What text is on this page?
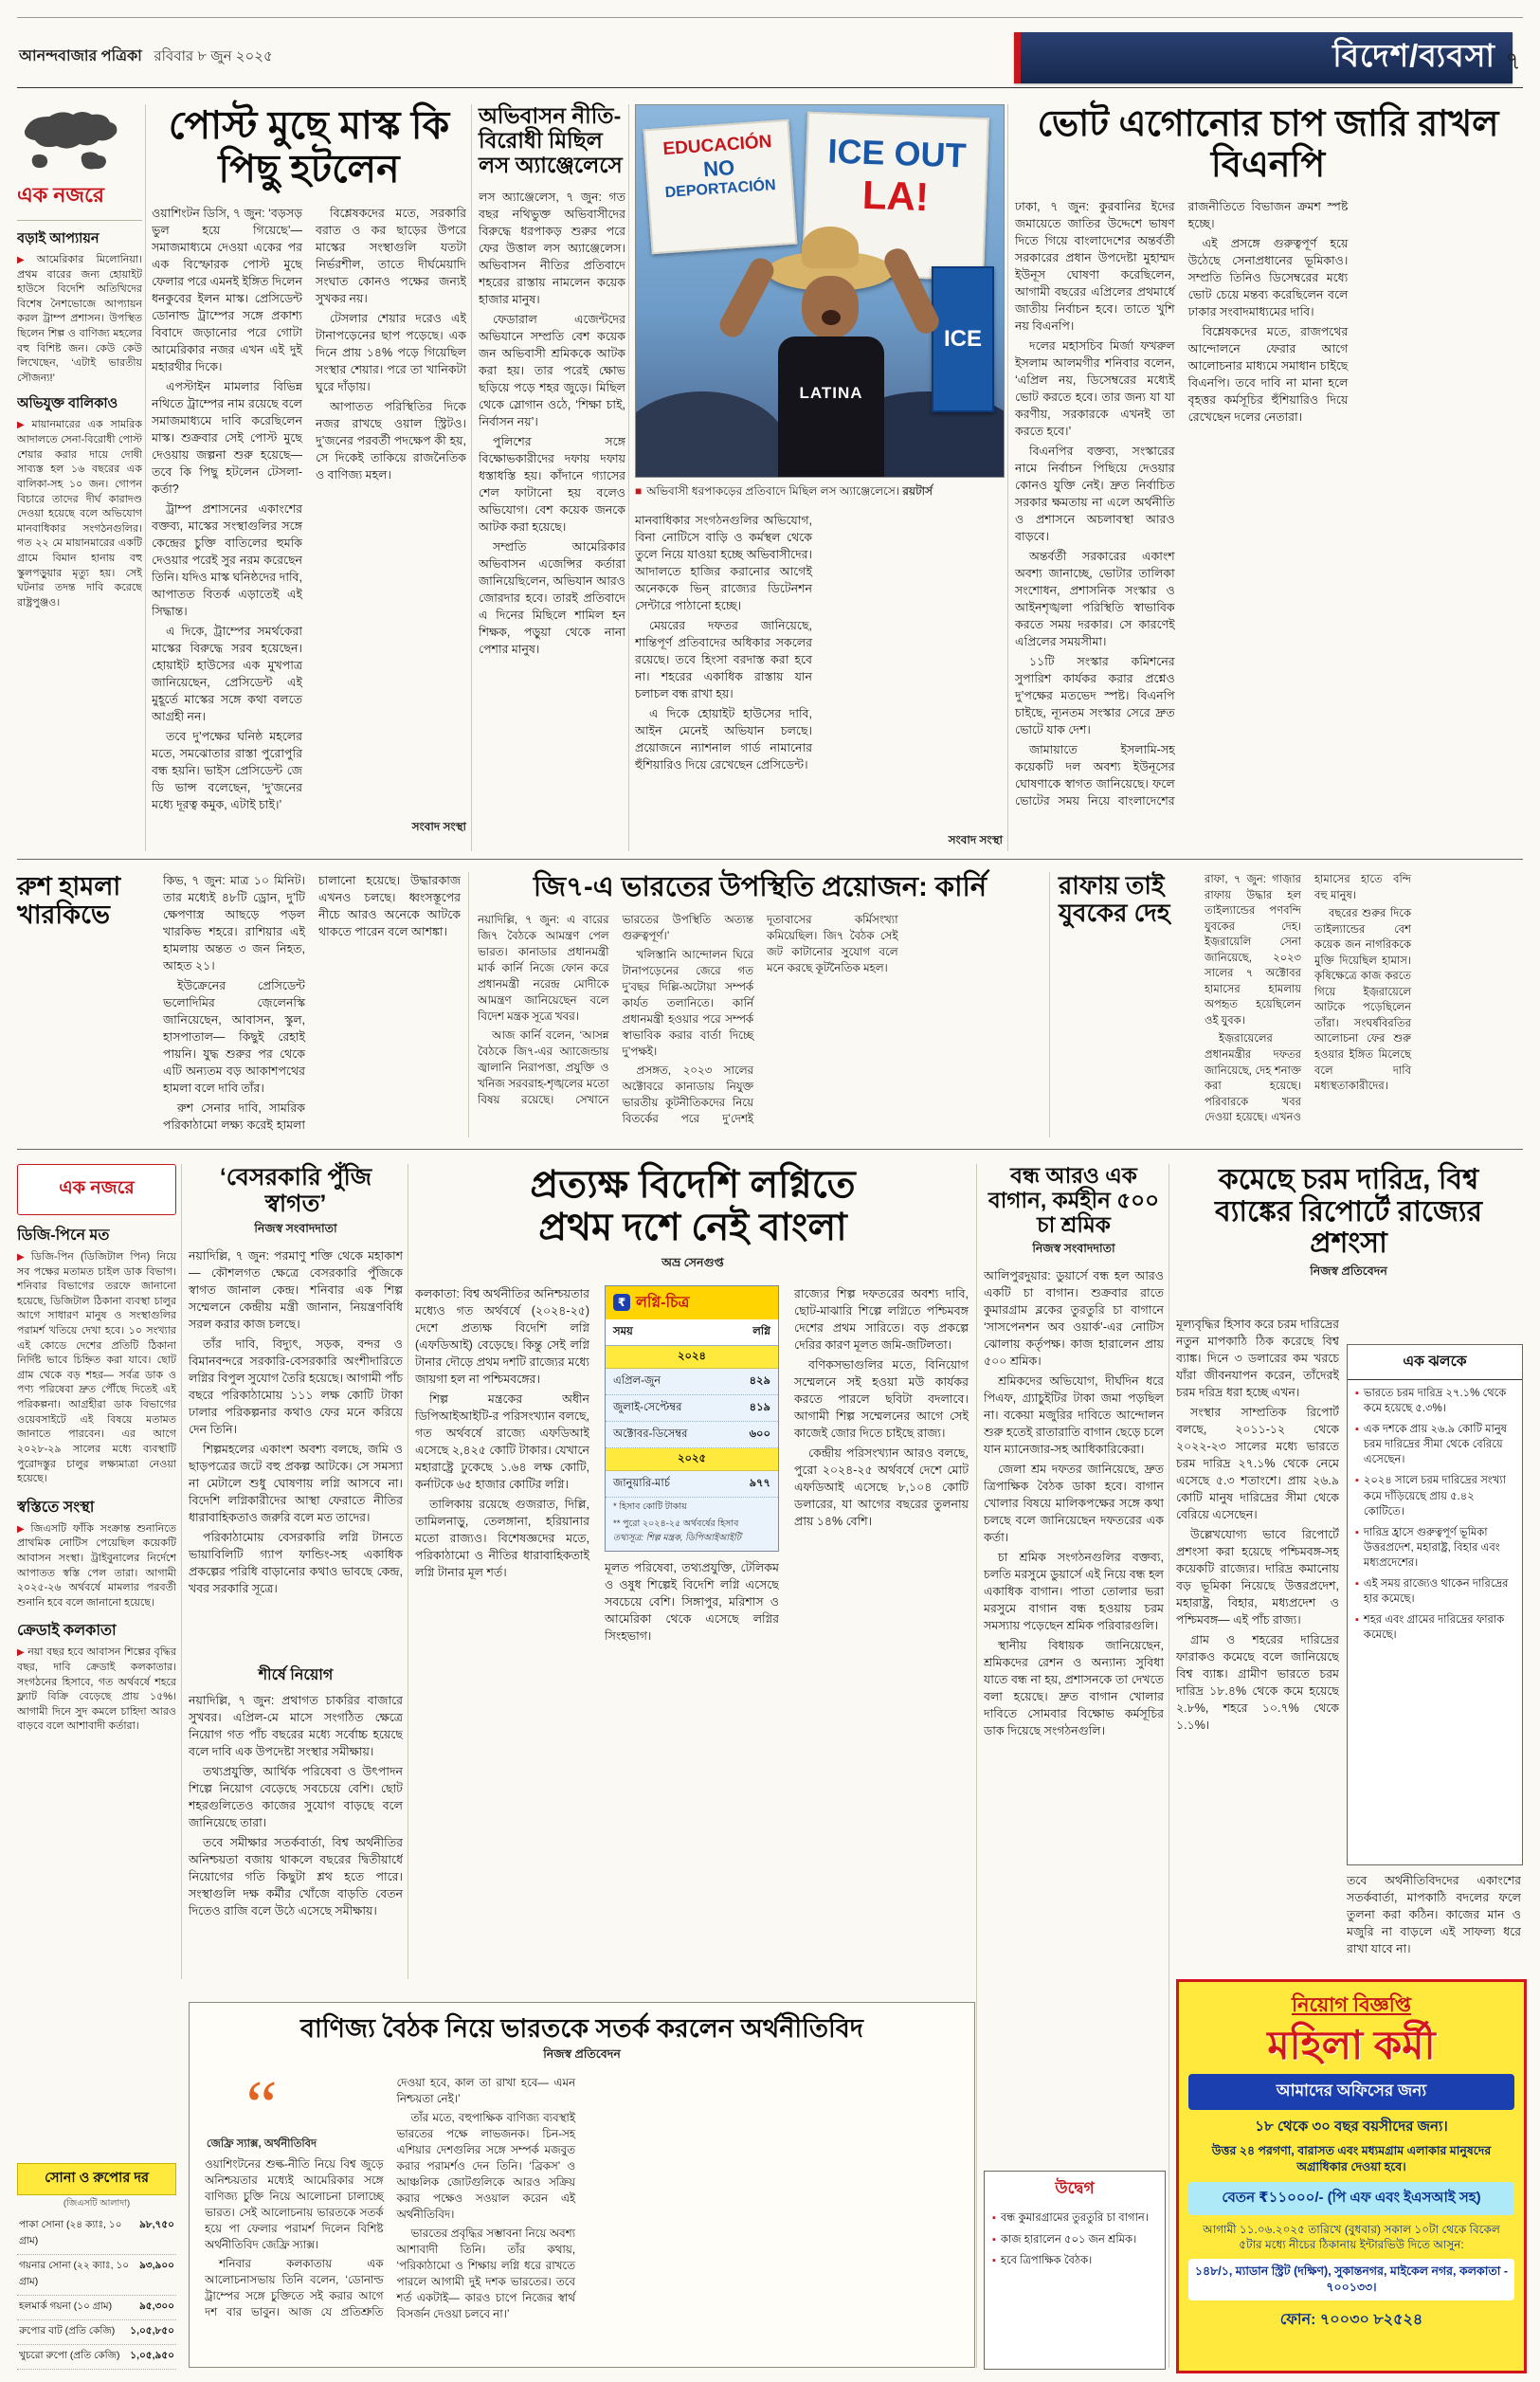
আনন্দবাজার পত্রিকা রবিবার ৮ জুন ২০২৫	বিদেশ/ব্যবসা ৭
এক নজরে
বড়াই আপ্যায়ন
▶ আমেরিকার মিলোনিয়া। প্রথম বারের জন্য হোয়াইট হাউসে বিদেশি অতিথিদের বিশেষ নৈশভোজে আপ্যায়ন করল ট্রাম্প প্রশাসন। উপস্থিত ছিলেন শিল্প ও বাণিজ্য মহলের বহু বিশিষ্ট জন। কেউ কেউ লিখেছেন, ‘এটাই ভারতীয় সৌজন্য!’
অভিযুক্ত বালিকাও
▶ মায়ানমারের এক সামরিক আদালতে সেনা-বিরোধী পোস্ট শেয়ার করার দায়ে দোষী সাব্যস্ত হল ১৬ বছরের এক বালিকা-সহ ১০ জন। গোপন বিচারে তাদের দীর্ঘ কারাদণ্ড দেওয়া হয়েছে বলে অভিযোগ মানবাধিকার সংগঠনগুলির। গত ২২ মে মায়ানমারের একটি গ্রামে বিমান হানায় বহু স্কুলপড়ুয়ার মৃত্যু হয়। সেই ঘটনার তদন্ত দাবি করেছে রাষ্ট্রপুঞ্জও।
পোস্ট মুছে মাস্ক কি পিছু হটলেন

ওয়াশিংটন ডিসি, ৭ জুন: ‘বড়সড় ভুল হয়ে গিয়েছে’— সমাজমাধ্যমে দেওয়া একের পর এক বিস্ফোরক পোস্ট মুছে ফেলার পরে এমনই ইঙ্গিত দিলেন ধনকুবের ইলন মাস্ক। প্রেসিডেন্ট ডোনাল্ড ট্রাম্পের সঙ্গে প্রকাশ্য বিবাদে জড়ানোর পরে গোটা আমেরিকার নজর এখন এই দুই মহারথীর দিকে।

এপস্টাইন মামলার বিভিন্ন নথিতে ট্রাম্পের নাম রয়েছে বলে সমাজমাধ্যমে দাবি করেছিলেন মাস্ক। শুক্রবার সেই পোস্ট মুছে দেওয়ায় জল্পনা শুরু হয়েছে— তবে কি পিছু হটলেন টেসলা-কর্তা?

ট্রাম্প প্রশাসনের একাংশের বক্তব্য, মাস্কের সংস্থাগুলির সঙ্গে কেন্দ্রের চুক্তি বাতিলের হুমকি দেওয়ার পরেই সুর নরম করেছেন তিনি। যদিও মাস্ক ঘনিষ্ঠদের দাবি, আপাতত বিতর্ক এড়াতেই এই সিদ্ধান্ত।

এ দিকে, ট্রাম্পের সমর্থকেরা মাস্কের বিরুদ্ধে সরব হয়েছেন। হোয়াইট হাউসের এক মুখপাত্র জানিয়েছেন, প্রেসিডেন্ট এই মুহূর্তে মাস্কের সঙ্গে কথা বলতে আগ্রহী নন।

তবে দু’পক্ষের ঘনিষ্ঠ মহলের মতে, সমঝোতার রাস্তা পুরোপুরি বন্ধ হয়নি। ভাইস প্রেসিডেন্ট জে ডি ভান্স বলেছেন, ‘দু’জনের মধ্যে দূরত্ব কমুক, এটাই চাই।’

বিশ্লেষকদের মতে, সরকারি বরাত ও কর ছাড়ের উপরে মাস্কের সংস্থাগুলি যতটা নির্ভরশীল, তাতে দীর্ঘমেয়াদি সংঘাত কোনও পক্ষের জন্যই সুখকর নয়।

টেসলার শেয়ার দরেও এই টানাপড়েনের ছাপ পড়েছে। এক দিনে প্রায় ১৪% পড়ে গিয়েছিল সংস্থার শেয়ার। পরে তা খানিকটা ঘুরে দাঁড়ায়।

আপাতত পরিস্থিতির দিকে নজর রাখছে ওয়াল স্ট্রিটও। দু’জনের পরবর্তী পদক্ষেপ কী হয়, সে দিকেই তাকিয়ে রাজনৈতিক ও বাণিজ্য মহল।

সংবাদ সংস্থা
অভিবাসন নীতি-বিরোধী মিছিল লস অ্যাঞ্জেলেসে

লস অ্যাঞ্জেলেস, ৭ জুন: গত বছর নথিভুক্ত অভিবাসীদের বিরুদ্ধে ধরপাকড় শুরুর পরে ফের উত্তাল লস অ্যাঞ্জেলেস। অভিবাসন নীতির প্রতিবাদে শহরের রাস্তায় নামলেন কয়েক হাজার মানুষ।

ফেডারাল এজেন্টদের অভিযানে সম্প্রতি বেশ কয়েক জন অভিবাসী শ্রমিককে আটক করা হয়। তার পরেই ক্ষোভ ছড়িয়ে পড়ে শহর জুড়ে। মিছিল থেকে স্লোগান ওঠে, ‘শিক্ষা চাই, নির্বাসন নয়’।

পুলিশের সঙ্গে বিক্ষোভকারীদের দফায় দফায় ধস্তাধস্তি হয়। কাঁদানে গ্যাসের শেল ফাটানো হয় বলেও অভিযোগ। বেশ কয়েক জনকে আটক করা হয়েছে।

সম্প্রতি আমেরিকার অভিবাসন এজেন্সির কর্তারা জানিয়েছিলেন, অভিযান আরও জোরদার হবে। তারই প্রতিবাদে এ দিনের মিছিলে শামিল হন শিক্ষক, পড়ুয়া থেকে নানা পেশার মানুষ।

EDUCACIÓN
NO
DEPORTACIÓN
ICE OUT
LA!
ICE
LATINA
■ অভিবাসী ধরপাকড়ের প্রতিবাদে মিছিল লস অ্যাঞ্জেলেসে। রয়টার্স

মানবাধিকার সংগঠনগুলির অভিযোগ, বিনা নোটিসে বাড়ি ও কর্মস্থল থেকে তুলে নিয়ে যাওয়া হচ্ছে অভিবাসীদের। আদালতে হাজির করানোর আগেই অনেককে ভিন্‌ রাজ্যের ডিটেনশন সেন্টারে পাঠানো হচ্ছে।

মেয়রের দফতর জানিয়েছে, শান্তিপূর্ণ প্রতিবাদের অধিকার সকলের রয়েছে। তবে হিংসা বরদাস্ত করা হবে না। শহরের একাধিক রাস্তায় যান চলাচল বন্ধ রাখা হয়।

এ দিকে হোয়াইট হাউসের দাবি, আইন মেনেই অভিযান চলছে। প্রয়োজনে ন্যাশনাল গার্ড নামানোর হুঁশিয়ারিও দিয়ে রেখেছেন প্রেসিডেন্ট।

সংবাদ সংস্থা
ভোট এগোনোর চাপ জারি রাখল বিএনপি

ঢাকা, ৭ জুন: কুরবানির ইদের জমায়েতে জাতির উদ্দেশে ভাষণ দিতে গিয়ে বাংলাদেশের অন্তর্বর্তী সরকারের প্রধান উপদেষ্টা মুহাম্মদ ইউনূস ঘোষণা করেছিলেন, আগামী বছরের এপ্রিলের প্রথমার্ধে জাতীয় নির্বাচন হবে। তাতে খুশি নয় বিএনপি।

দলের মহাসচিব মির্জা ফখরুল ইসলাম আলমগীর শনিবার বলেন, ‘এপ্রিল নয়, ডিসেম্বরের মধ্যেই ভোট করতে হবে। তার জন্য যা যা করণীয়, সরকারকে এখনই তা করতে হবে।’

বিএনপির বক্তব্য, সংস্কারের নামে নির্বাচন পিছিয়ে দেওয়ার কোনও যুক্তি নেই। দ্রুত নির্বাচিত সরকার ক্ষমতায় না এলে অর্থনীতি ও প্রশাসনে অচলাবস্থা আরও বাড়বে।

অন্তর্বর্তী সরকারের একাংশ অবশ্য জানাচ্ছে, ভোটার তালিকা সংশোধন, প্রশাসনিক সংস্কার ও আইনশৃঙ্খলা পরিস্থিতি স্বাভাবিক করতে সময় দরকার। সে কারণেই এপ্রিলের সময়সীমা।

১১টি সংস্কার কমিশনের সুপারিশ কার্যকর করার প্রশ্নেও দু’পক্ষের মতভেদ স্পষ্ট। বিএনপি চাইছে, ন্যূনতম সংস্কার সেরে দ্রুত ভোটে যাক দেশ।

জামায়াতে ইসলামি-সহ কয়েকটি দল অবশ্য ইউনূসের ঘোষণাকে স্বাগত জানিয়েছে। ফলে ভোটের সময় নিয়ে বাংলাদেশের রাজনীতিতে বিভাজন ক্রমশ স্পষ্ট হচ্ছে।

এই প্রসঙ্গে গুরুত্বপূর্ণ হয়ে উঠেছে সেনাপ্রধানের ভূমিকাও। সম্প্রতি তিনিও ডিসেম্বরের মধ্যে ভোট চেয়ে মন্তব্য করেছিলেন বলে ঢাকার সংবাদমাধ্যমের দাবি।

বিশ্লেষকদের মতে, রাজপথের আন্দোলনে ফেরার আগে আলোচনার মাধ্যমে সমাধান চাইছে বিএনপি। তবে দাবি না মানা হলে বৃহত্তর কর্মসূচির হুঁশিয়ারিও দিয়ে রেখেছেন দলের নেতারা।

রুশ হামলা খারকিভে

কিভ, ৭ জুন: মাত্র ১০ মিনিট। তার মধ্যেই ৪৮টি ড্রোন, দু’টি ক্ষেপণাস্ত্র আছড়ে পড়ল খারকিভ শহরে। রাশিয়ার এই হামলায় অন্তত ৩ জন নিহত, আহত ২১।

ইউক্রেনের প্রেসিডেন্ট ভলোদিমির জ়েলেনস্কি জানিয়েছেন, আবাসন, স্কুল, হাসপাতাল— কিছুই রেহাই পায়নি। যুদ্ধ শুরুর পর থেকে এটি অন্যতম বড় আকাশপথের হামলা বলে দাবি তাঁর।

রুশ সেনার দাবি, সামরিক পরিকাঠামো লক্ষ্য করেই হামলা চালানো হয়েছে। উদ্ধারকাজ এখনও চলছে। ধ্বংসস্তূপের নীচে আরও অনেকে আটকে থাকতে পারেন বলে আশঙ্কা।

জি৭-এ ভারতের উপস্থিতি প্রয়োজন: কার্নি

নয়াদিল্লি, ৭ জুন: এ বারের জি৭ বৈঠকে আমন্ত্রণ পেল ভারত। কানাডার প্রধানমন্ত্রী মার্ক কার্নি নিজে ফোন করে প্রধানমন্ত্রী নরেন্দ্র মোদীকে আমন্ত্রণ জানিয়েছেন বলে বিদেশ মন্ত্রক সূত্রে খবর।

আজ কার্নি বলেন, ‘আসন্ন বৈঠকে জি৭-এর অ্যাজেন্ডায় জ্বালানি নিরাপত্তা, প্রযুক্তি ও খনিজ সরবরাহ-শৃঙ্খলের মতো বিষয় রয়েছে। সেখানে ভারতের উপস্থিতি অত্যন্ত গুরুত্বপূর্ণ।’

খলিস্তানি আন্দোলন ঘিরে টানাপড়েনের জেরে গত দু’বছর দিল্লি-অটোয়া সম্পর্ক কার্যত তলানিতে। কার্নি প্রধানমন্ত্রী হওয়ার পরে সম্পর্ক স্বাভাবিক করার বার্তা দিচ্ছে দু’পক্ষই।

প্রসঙ্গত, ২০২৩ সালের অক্টোবরে কানাডায় নিযুক্ত ভারতীয় কূটনীতিকদের নিয়ে বিতর্কের পরে দু’দেশই দূতাবাসের কর্মিসংখ্যা কমিয়েছিল। জি৭ বৈঠক সেই জট কাটানোর সুযোগ বলে মনে করছে কূটনৈতিক মহল।

রাফায় তাই যুবকের দেহ

রাফা, ৭ জুন: গাজ়ার রাফায় উদ্ধার হল তাইল্যান্ডের পণবন্দি যুবকের দেহ। ইজ়রায়েলি সেনা জানিয়েছে, ২০২৩ সালের ৭ অক্টোবর হামাসের হামলায় অপহৃত হয়েছিলেন ওই যুবক।

ইজ়রায়েলের প্রধানমন্ত্রীর দফতর জানিয়েছে, দেহ শনাক্ত করা হয়েছে। পরিবারকে খবর দেওয়া হয়েছে। এখনও হামাসের হাতে বন্দি বহু মানুষ।

বছরের শুরুর দিকে তাইল্যান্ডের বেশ কয়েক জন নাগরিককে মুক্তি দিয়েছিল হামাস। কৃষিক্ষেত্রে কাজ করতে গিয়ে ইজ়রায়েলে আটকে পড়েছিলেন তাঁরা। সংঘর্ষবিরতির আলোচনা ফের শুরু হওয়ার ইঙ্গিত মিলেছে বলে দাবি মধ্যস্থতাকারীদের।

এক নজরে
ডিজি-পিনে মত
▶ ডিজি-পিন (ডিজিটাল পিন) নিয়ে সব পক্ষের মতামত চাইল ডাক বিভাগ। শনিবার বিভাগের তরফে জানানো হয়েছে, ডিজিটাল ঠিকানা ব্যবস্থা চালুর আগে সাধারণ মানুষ ও সংস্থাগুলির পরামর্শ খতিয়ে দেখা হবে। ১০ সংখ্যার এই কোডে দেশের প্রতিটি ঠিকানা নির্দিষ্ট ভাবে চিহ্নিত করা যাবে। ছোট গ্রাম থেকে বড় শহর— সর্বত্র ডাক ও পণ্য পরিষেবা দ্রুত পৌঁছে দিতেই এই পরিকল্পনা। আগ্রহীরা ডাক বিভাগের ওয়েবসাইটে এই বিষয়ে মতামত জানাতে পারবেন। এর আগে ২০২৮-২৯ সালের মধ্যে ব্যবস্থাটি পুরোদস্তুর চালুর লক্ষ্যমাত্রা নেওয়া হয়েছে।
স্বস্তিতে সংস্থা
▶ জিএসটি ফাঁকি সংক্রান্ত শুনানিতে প্রাথমিক নোটিস পেয়েছিল কয়েকটি আবাসন সংস্থা। ট্রাইবুনালের নির্দেশে আপাতত স্বস্তি পেল তারা। আগামী ২০২৫-২৬ অর্থবর্ষে মামলার পরবর্তী শুনানি হবে বলে জানানো হয়েছে।
ক্রেডাই কলকাতা
▶ নয়া বছর হবে আবাসন শিল্পের বৃদ্ধির বছর, দাবি ক্রেডাই কলকাতার। সংগঠনের হিসাবে, গত অর্থবর্ষে শহরে ফ্ল্যাট বিক্রি বেড়েছে প্রায় ১৫%। আগামী দিনে সুদ কমলে চাহিদা আরও বাড়বে বলে আশাবাদী কর্তারা।
সোনা ও রুপোর দর
(জিএসটি আলাদা)
পাকা সোনা (২৪ ক্যাঃ, ১০ গ্রাম)
৯৮,৭৫০
গয়নার সোনা (২২ ক্যাঃ, ১০ গ্রাম)
৯৩,৯০০
হলমার্ক গয়না (১০ গ্রাম)	৯৫,৩০০
রুপোর বাট (প্রতি কেজি) ১,০৫,৮৫০
খুচরো রুপো (প্রতি কেজি) ১,০৫,৯৫০
‘বেসরকারি পুঁজি স্বাগত’
নিজস্ব সংবাদদাতা

নয়াদিল্লি, ৭ জুন: পরমাণু শক্তি থেকে মহাকাশ— কৌশলগত ক্ষেত্রে বেসরকারি পুঁজিকে স্বাগত জানাল কেন্দ্র। শনিবার এক শিল্প সম্মেলনে কেন্দ্রীয় মন্ত্রী জানান, নিয়ন্ত্রণবিধি সরল করার কাজ চলছে।

তাঁর দাবি, বিদ্যুৎ, সড়ক, বন্দর ও বিমানবন্দরে সরকারি-বেসরকারি অংশীদারিতে লগ্নির বিপুল সুযোগ তৈরি হয়েছে। আগামী পাঁচ বছরে পরিকাঠামোয় ১১১ লক্ষ কোটি টাকা ঢালার পরিকল্পনার কথাও ফের মনে করিয়ে দেন তিনি।

শিল্পমহলের একাংশ অবশ্য বলছে, জমি ও ছাড়পত্রের জটে বহু প্রকল্প আটকে। সে সমস্যা না মেটালে শুধু ঘোষণায় লগ্নি আসবে না। বিদেশি লগ্নিকারীদের আস্থা ফেরাতে নীতির ধারাবাহিকতাও জরুরি বলে মত তাদের।

পরিকাঠামোয় বেসরকারি লগ্নি টানতে ভায়াবিলিটি গ্যাপ ফান্ডিং-সহ একাধিক প্রকল্পের পরিধি বাড়ানোর কথাও ভাবছে কেন্দ্র, খবর সরকারি সূত্রে।

শীর্ষে নিয়োগ

নয়াদিল্লি, ৭ জুন: প্রথাগত চাকরির বাজারে সুখবর। এপ্রিল-মে মাসে সংগঠিত ক্ষেত্রে নিয়োগ গত পাঁচ বছরের মধ্যে সর্বোচ্চ হয়েছে বলে দাবি এক উপদেষ্টা সংস্থার সমীক্ষায়।

তথ্যপ্রযুক্তি, আর্থিক পরিষেবা ও উৎপাদন শিল্পে নিয়োগ বেড়েছে সবচেয়ে বেশি। ছোট শহরগুলিতেও কাজের সুযোগ বাড়ছে বলে জানিয়েছে তারা।

তবে সমীক্ষার সতর্কবার্তা, বিশ্ব অর্থনীতির অনিশ্চয়তা বজায় থাকলে বছরের দ্বিতীয়ার্ধে নিয়োগের গতি কিছুটা শ্লথ হতে পারে। সংস্থাগুলি দক্ষ কর্মীর খোঁজে বাড়তি বেতন দিতেও রাজি বলে উঠে এসেছে সমীক্ষায়।

প্রত্যক্ষ বিদেশি লগ্নিতে
প্রথম দশে নেই বাংলা
অভ্র সেনগুপ্ত

কলকাতা: বিশ্ব অর্থনীতির অনিশ্চয়তার মধ্যেও গত অর্থবর্ষে (২০২৪-২৫) দেশে প্রত্যক্ষ বিদেশি লগ্নি (এফডিআই) বেড়েছে। কিন্তু সেই লগ্নি টানার দৌড়ে প্রথম দশটি রাজ্যের মধ্যে জায়গা হল না পশ্চিমবঙ্গের।

শিল্প মন্ত্রকের অধীন ডিপিআইআইটি-র পরিসংখ্যান বলছে, গত অর্থবর্ষে রাজ্যে এফডিআই এসেছে ২,৪২৫ কোটি টাকার। যেখানে মহারাষ্ট্রে ঢুকেছে ১.৬৪ লক্ষ কোটি, কর্নাটকে ৬৫ হাজার কোটির লগ্নি।

তালিকায় রয়েছে গুজরাত, দিল্লি, তামিলনাড়ু, তেলঙ্গানা, হরিয়ানার মতো রাজ্যও। বিশেষজ্ঞদের মতে, পরিকাঠামো ও নীতির ধারাবাহিকতাই লগ্নি টানার মূল শর্ত।

₹ লগ্নি-চিত্র
সময়	লগ্নি
২০২৪
এপ্রিল-জুন	৪২৯
জুলাই-সেপ্টেম্বর	৪১৯
অক্টোবর-ডিসেম্বর	৬০০
২০২৫
জানুয়ারি-মার্চ	৯৭৭
* হিসাব কোটি টাকায়
** পুরো ২০২৪-২৫ অর্থবর্ষের হিসাব
তথ্যসূত্র: শিল্প মন্ত্রক, ডিপিআইআইটি

মূলত পরিষেবা, তথ্যপ্রযুক্তি, টেলিকম ও ওষুধ শিল্পেই বিদেশি লগ্নি এসেছে সবচেয়ে বেশি। সিঙ্গাপুর, মরিশাস ও আমেরিকা থেকে এসেছে লগ্নির সিংহভাগ।

রাজ্যের শিল্প দফতরের অবশ্য দাবি, ছোট-মাঝারি শিল্পে লগ্নিতে পশ্চিমবঙ্গ দেশের প্রথম সারিতে। বড় প্রকল্পে দেরির কারণ মূলত জমি-জটিলতা।

বণিকসভাগুলির মতে, বিনিয়োগ সম্মেলনে সই হওয়া মউ কার্যকর করতে পারলে ছবিটা বদলাবে। আগামী শিল্প সম্মেলনের আগে সেই কাজেই জোর দিতে চাইছে রাজ্য।

কেন্দ্রীয় পরিসংখ্যান আরও বলছে, পুরো ২০২৪-২৫ অর্থবর্ষে দেশে মোট এফডিআই এসেছে ৮,১০৪ কোটি ডলারের, যা আগের বছরের তুলনায় প্রায় ১৪% বেশি।

বন্ধ আরও এক বাগান, কর্মহীন ৫০০ চা শ্রমিক
নিজস্ব সংবাদদাতা

আলিপুরদুয়ার: ডুয়ার্সে বন্ধ হল আরও একটি চা বাগান। শুক্রবার রাতে কুমারগ্রাম ব্লকের তুরতুরি চা বাগানে ‘সাসপেনশন অব ওয়ার্ক’-এর নোটিস ঝোলায় কর্তৃপক্ষ। কাজ হারালেন প্রায় ৫০০ শ্রমিক।

শ্রমিকদের অভিযোগ, দীর্ঘদিন ধরে পিএফ, গ্র্যাচুইটির টাকা জমা পড়ছিল না। বকেয়া মজুরির দাবিতে আন্দোলন শুরু হতেই রাতারাতি বাগান ছেড়ে চলে যান ম্যানেজার-সহ আধিকারিকেরা।

জেলা শ্রম দফতর জানিয়েছে, দ্রুত ত্রিপাক্ষিক বৈঠক ডাকা হবে। বাগান খোলার বিষয়ে মালিকপক্ষের সঙ্গে কথা চলছে বলে জানিয়েছেন দফতরের এক কর্তা।

চা শ্রমিক সংগঠনগুলির বক্তব্য, চলতি মরসুমে ডুয়ার্সে এই নিয়ে বন্ধ হল একাধিক বাগান। পাতা তোলার ভরা মরসুমে বাগান বন্ধ হওয়ায় চরম সমস্যায় পড়েছেন শ্রমিক পরিবারগুলি।

স্থানীয় বিধায়ক জানিয়েছেন, শ্রমিকদের রেশন ও অন্যান্য সুবিধা যাতে বন্ধ না হয়, প্রশাসনকে তা দেখতে বলা হয়েছে। দ্রুত বাগান খোলার দাবিতে সোমবার বিক্ষোভ কর্মসূচির ডাক দিয়েছে সংগঠনগুলি।

উদ্বেগ
▪ বন্ধ কুমারগ্রামের তুরতুরি চা বাগান।
▪ কাজ হারালেন ৫০১ জন শ্রমিক।
▪ হবে ত্রিপাক্ষিক বৈঠক।
কমেছে চরম দারিদ্র, বিশ্ব ব্যাঙ্কের রিপোর্টে রাজ্যের প্রশংসা
নিজস্ব প্রতিবেদন

মূল্যবৃদ্ধির হিসাব করে চরম দারিদ্রের নতুন মাপকাঠি ঠিক করেছে বিশ্ব ব্যাঙ্ক। দিনে ৩ ডলারের কম খরচে যাঁরা জীবনযাপন করেন, তাঁদেরই চরম দরিদ্র ধরা হচ্ছে এখন।

সংস্থার সাম্প্রতিক রিপোর্ট বলছে, ২০১১-১২ থেকে ২০২২-২৩ সালের মধ্যে ভারতে চরম দারিদ্র ২৭.১% থেকে নেমে এসেছে ৫.৩ শতাংশে। প্রায় ২৬.৯ কোটি মানুষ দারিদ্রের সীমা থেকে বেরিয়ে এসেছেন।

উল্লেখযোগ্য ভাবে রিপোর্টে প্রশংসা করা হয়েছে পশ্চিমবঙ্গ-সহ কয়েকটি রাজ্যের। দারিদ্র কমানোয় বড় ভূমিকা নিয়েছে উত্তরপ্রদেশ, মহারাষ্ট্র, বিহার, মধ্যপ্রদেশ ও পশ্চিমবঙ্গ— এই পাঁচ রাজ্য।

গ্রাম ও শহরের দারিদ্রের ফারাকও কমেছে বলে জানিয়েছে বিশ্ব ব্যাঙ্ক। গ্রামীণ ভারতে চরম দারিদ্র ১৮.৪% থেকে কমে হয়েছে ২.৮%, শহরে ১০.৭% থেকে ১.১%।

এক ঝলকে
▪ ভারতে চরম দারিদ্র ২৭.১% থেকে কমে হয়েছে ৫.৩%।
▪ এক দশকে প্রায় ২৬.৯ কোটি মানুষ চরম দারিদ্রের সীমা থেকে বেরিয়ে এসেছেন।
▪ ২০২৪ সালে চরম দারিদ্রের সংখ্যা কমে দাঁড়িয়েছে প্রায় ৫.৪২ কোটিতে।
▪ দারিদ্র হ্রাসে গুরুত্বপূর্ণ ভূমিকা উত্তরপ্রদেশ, মহারাষ্ট্র, বিহার এবং মধ্যপ্রদেশের।
▪ এই সময় রাজ্যেও থাকেন দারিদ্রের হার কমেছে।
▪ শহর এবং গ্রামের দারিদ্রের ফারাক কমেছে।

তবে অর্থনীতিবিদদের একাংশের সতর্কবার্তা, মাপকাঠি বদলের ফলে তুলনা করা কঠিন। কাজের মান ও মজুরি না বাড়লে এই সাফল্য ধরে রাখা যাবে না।

বাণিজ্য বৈঠক নিয়ে ভারতকে সতর্ক করলেন অর্থনীতিবিদ
নিজস্ব প্রতিবেদন
“
জেফ্রি স্যাক্স, অর্থনীতিবিদ

ওয়াশিংটনের শুল্ক-নীতি নিয়ে বিশ্ব জুড়ে অনিশ্চয়তার মধ্যেই আমেরিকার সঙ্গে বাণিজ্য চুক্তি নিয়ে আলোচনা চালাচ্ছে ভারত। সেই আলোচনায় ভারতকে সতর্ক হয়ে পা ফেলার পরামর্শ দিলেন বিশিষ্ট অর্থনীতিবিদ জেফ্রি স্যাক্স।

শনিবার কলকাতায় এক আলোচনাসভায় তিনি বলেন, ‘ডোনাল্ড ট্রাম্পের সঙ্গে চুক্তিতে সই করার আগে দশ বার ভাবুন। আজ যে প্রতিশ্রুতি দেওয়া হবে, কাল তা রাখা হবে— এমন নিশ্চয়তা নেই।’

তাঁর মতে, বহুপাক্ষিক বাণিজ্য ব্যবস্থাই ভারতের পক্ষে লাভজনক। চিন-সহ এশিয়ার দেশগুলির সঙ্গে সম্পর্ক মজবুত করার পরামর্শও দেন তিনি। ‘ব্রিকস’ ও আঞ্চলিক জোটগুলিকে আরও সক্রিয় করার পক্ষেও সওয়াল করেন এই অর্থনীতিবিদ।

ভারতের প্রবৃদ্ধির সম্ভাবনা নিয়ে অবশ্য আশাবাদী তিনি। তাঁর কথায়, ‘পরিকাঠামো ও শিক্ষায় লগ্নি ধরে রাখতে পারলে আগামী দুই দশক ভারতের। তবে শর্ত একটাই— কারও চাপে নিজের স্বার্থ বিসর্জন দেওয়া চলবে না।’

নিয়োগ বিজ্ঞপ্তি
মহিলা কর্মী
আমাদের অফিসের জন্য
১৮ থেকে ৩০ বছর বয়সীদের জন্য।
উত্তর ২৪ পরগণা, বারাসত এবং মধ্যমগ্রাম এলাকার মানুষদের অগ্রাধিকার দেওয়া হবে।
বেতন ₹১১০০০/- (পি এফ এবং ইএসআই সহ)
আগামী ১১.০৬.২০২৫ তারিখে (বুধবার) সকাল ১০টা থেকে বিকেল ৫টার মধ্যে নীচের ঠিকানায় ইন্টারভিউ দিতে আসুন:
১৪৮/১, ম্যাডান স্ট্রিট (দক্ষিণ), সুকান্তনগর, মাইকেল নগর, কলকাতা - ৭০০১৩৩।
ফোন: ৭০০৩০ ৮২৫২৪
